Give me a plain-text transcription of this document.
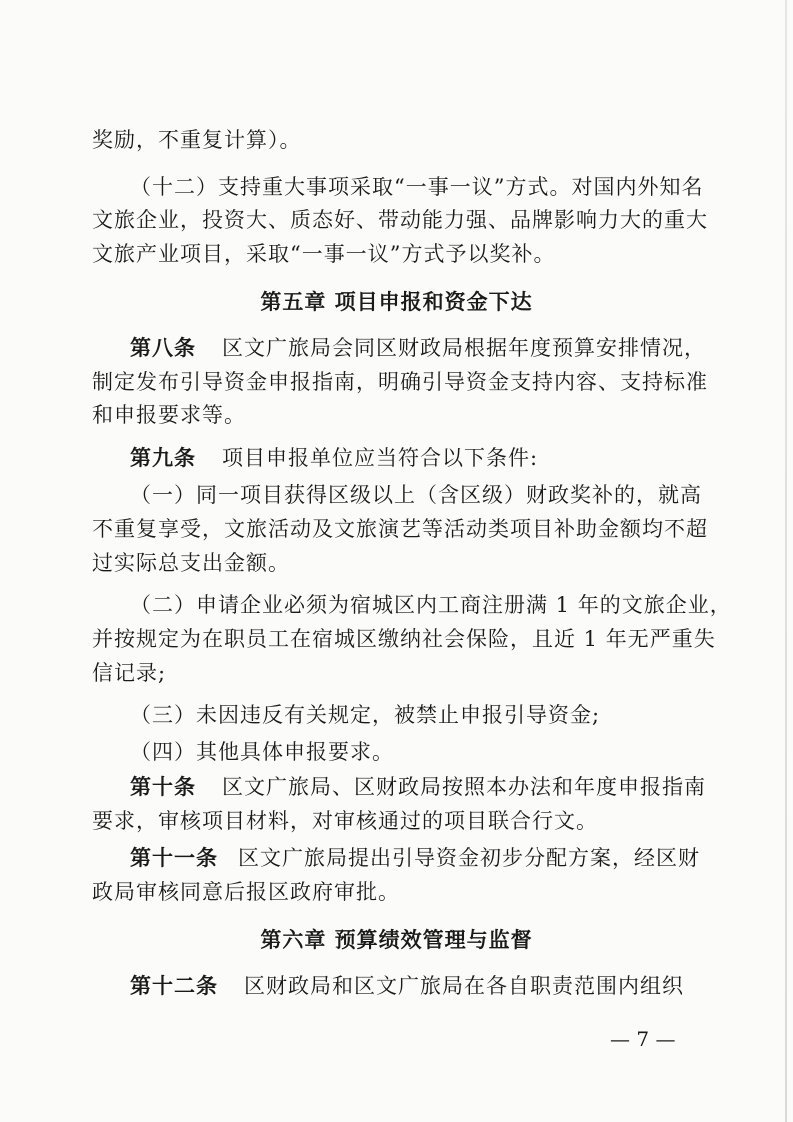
奖励，不重复计算）。
（十二）支持重大事项采取“一事一议”方式。对国内外知名
文旅企业，投资大、质态好、带动能力强、品牌影响力大的重大
文旅产业项目，采取“一事一议”方式予以奖补。
第五章 项目申报和资金下达
第八条 区文广旅局会同区财政局根据年度预算安排情况，
制定发布引导资金申报指南，明确引导资金支持内容、支持标准
和申报要求等。
第九条 项目申报单位应当符合以下条件:
（一）同一项目获得区级以上（含区级）财政奖补的，就高
不重复享受，文旅活动及文旅演艺等活动类项目补助金额均不超
过实际总支出金额。
（二）申请企业必须为宿城区内工商注册满 1 年的文旅企业，
并按规定为在职员工在宿城区缴纳社会保险，且近 1 年无严重失
信记录;
（三）未因违反有关规定，被禁止申报引导资金;
（四）其他具体申报要求。
第十条 区文广旅局、区财政局按照本办法和年度申报指南
要求，审核项目材料，对审核通过的项目联合行文。
第十一条 区文广旅局提出引导资金初步分配方案，经区财
政局审核同意后报区政府审批。
第六章 预算绩效管理与监督
第十二条 区财政局和区文广旅局在各自职责范围内组织
— 7 —
